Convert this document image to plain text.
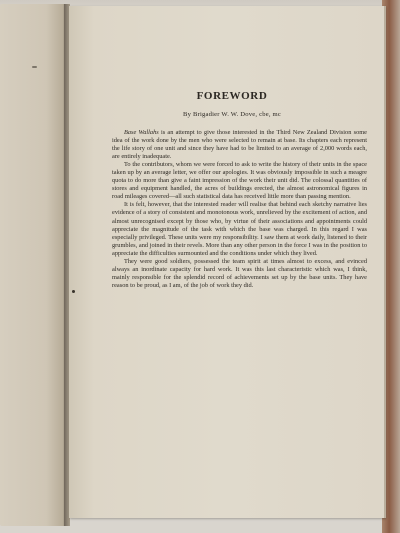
FOREWORD

By Brigadier W. W. Dove, cbe, mc

Base Wallahs is an attempt to give those interested in the Third New Zealand Division some idea of the work done by the men who were selected to remain at base. Its chapters each represent the life story of one unit and since they have had to be limited to an average of 2,000 words each, are entirely inadequate.

To the contributors, whom we were forced to ask to write the history of their units in the space taken up by an average letter, we offer our apologies. It was obviously impossible in such a meagre quota to do more than give a faint impression of the work their unit did. The colossal quantities of stores and equipment handled, the acres of buildings erected, the almost astronomical figures in road mileages covered—all such statistical data has received little more than passing mention.

It is felt, however, that the interested reader will realise that behind each sketchy narrative lies evidence of a story of consistent and monotonous work, unrelieved by the excitement of action, and almost unrecognised except by those who, by virtue of their associations and appointments could appreciate the magnitude of the task with which the base was charged. In this regard I was especially privileged. These units were my responsibility. I saw them at work daily, listened to their grumbles, and joined in their revels. More than any other person in the force I was in the position to appreciate the difficulties surmounted and the conditions under which they lived.

They were good soldiers, possessed the team spirit at times almost to excess, and evinced always an inordinate capacity for hard work. It was this last characteristic which was, I think, mainly responsible for the splendid record of achievements set up by the base units. They have reason to be proud, as I am, of the job of work they did.
